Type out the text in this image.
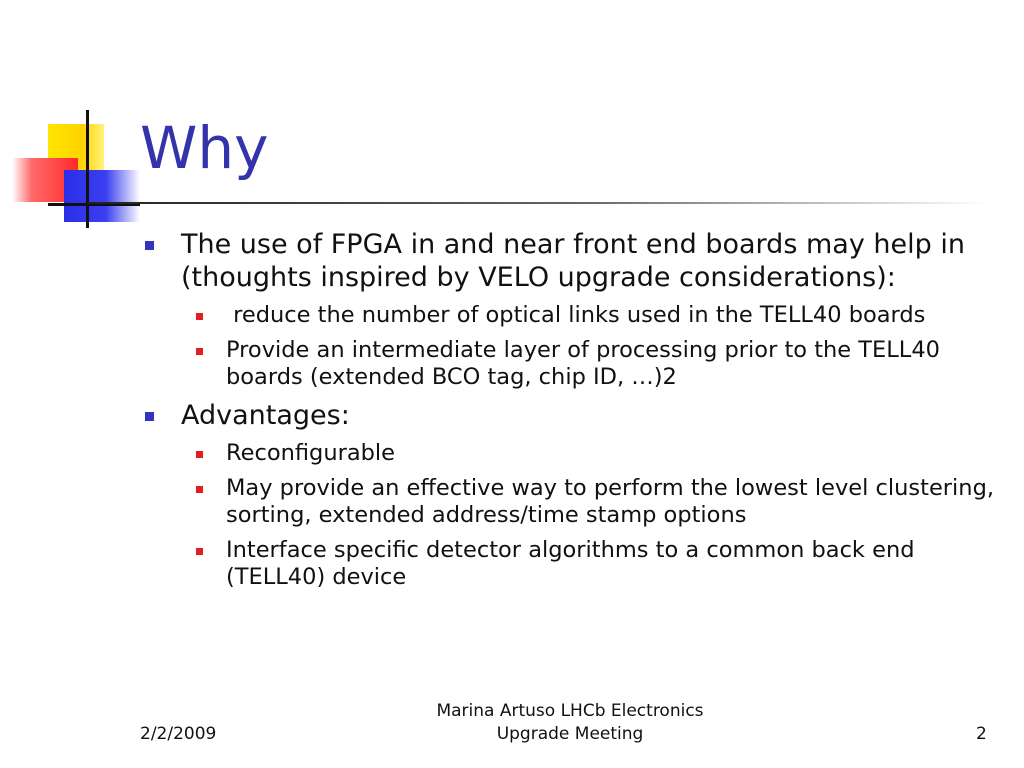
Why
The use of FPGA in and near front end boards may help in (thoughts inspired by VELO upgrade considerations):
reduce the number of optical links used in the TELL40 boards
Provide an intermediate layer of processing prior to the TELL40 boards (extended BCO tag, chip ID, …)2
Advantages:
Reconfigurable
May provide an effective way to perform the lowest level clustering, sorting, extended address/time stamp options
Interface specific detector algorithms to a common back end (TELL40) device
2/2/2009
Marina Artuso LHCb Electronics
Upgrade Meeting	2
